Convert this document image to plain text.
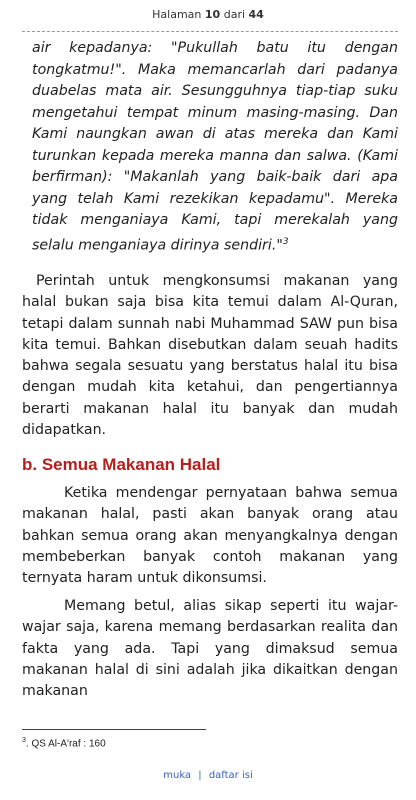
Halaman 10 dari 44
air kepadanya: "Pukullah batu itu dengan tongkatmu!". Maka memancarlah dari padanya duabelas mata air. Sesungguhnya tiap-tiap suku mengetahui tempat minum masing-masing. Dan Kami naungkan awan di atas mereka dan Kami turunkan kepada mereka manna dan salwa. (Kami berfirman): "Makanlah yang baik-baik dari apa yang telah Kami rezekikan kepadamu". Mereka tidak menganiaya Kami, tapi merekalah yang selalu menganiaya dirinya sendiri."$^3$
Perintah untuk mengkonsumsi makanan yang halal bukan saja bisa kita temui dalam Al-Quran, tetapi dalam sunnah nabi Muhammad SAW pun bisa kita temui. Bahkan disebutkan dalam seuah hadits bahwa segala sesuatu yang berstatus halal itu bisa dengan mudah kita ketahui, dan pengertiannya berarti makanan halal itu banyak dan mudah didapatkan.
b. Semua Makanan Halal
Ketika mendengar pernyataan bahwa semua makanan halal, pasti akan banyak orang atau bahkan semua orang akan menyangkalnya dengan membeberkan banyak contoh makanan yang ternyata haram untuk dikonsumsi.
Memang betul, alias sikap seperti itu wajar-wajar saja, karena memang berdasarkan realita dan fakta yang ada. Tapi yang dimaksud semua makanan halal di sini adalah jika dikaitkan dengan makanan
$^3$. QS Al-A'raf : 160
muka | daftar isi
